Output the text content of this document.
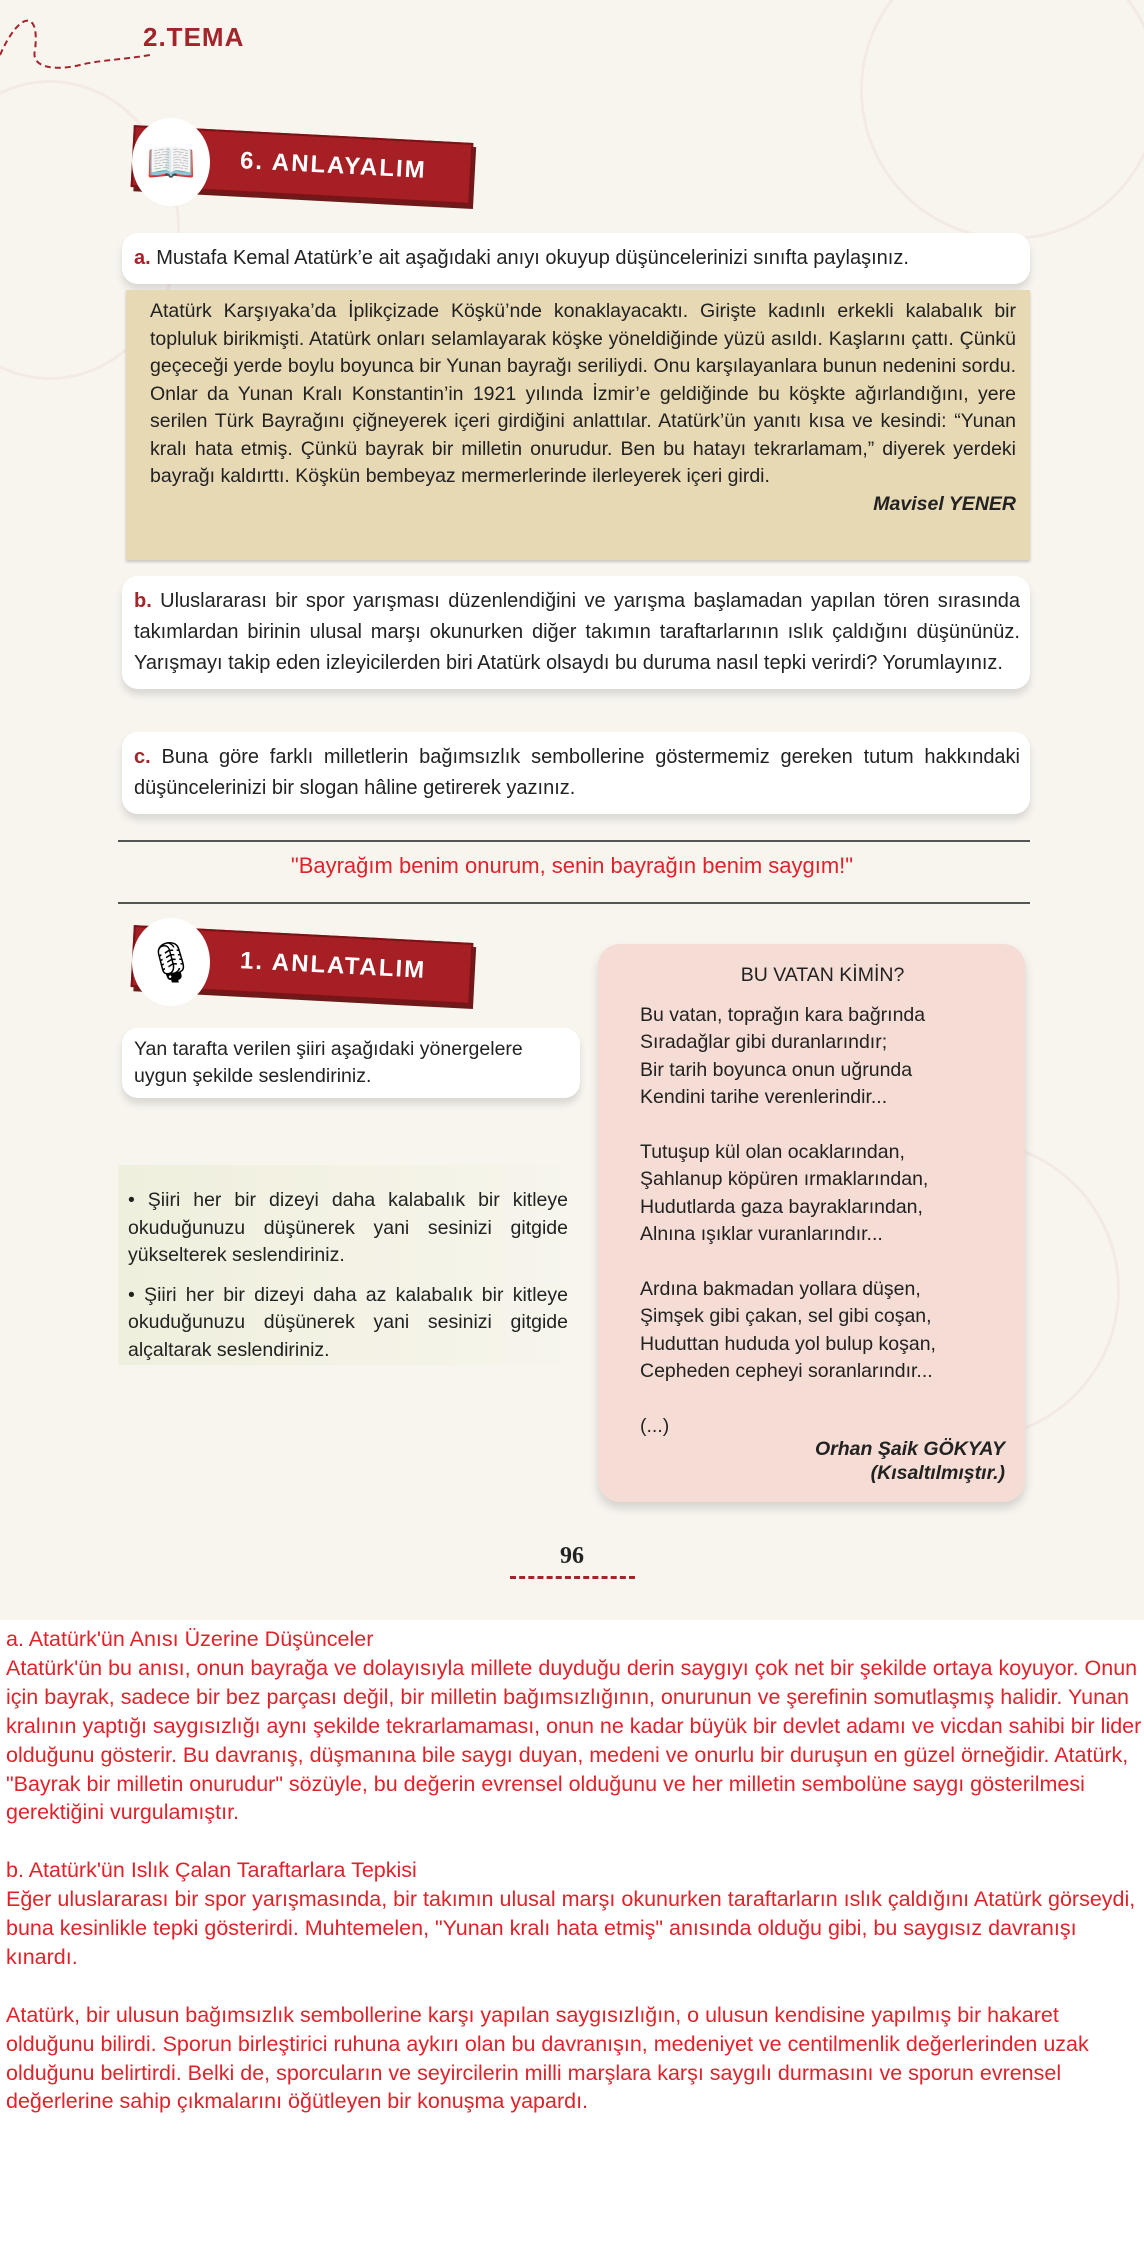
2.TEMA
📖	6. ANLAYALIM
a. Mustafa Kemal Atatürk’e ait aşağıdaki anıyı okuyup düşüncelerinizi sınıfta paylaşınız.

Atatürk Karşıyaka’da İplikçizade Köşkü’nde konaklayacaktı. Girişte kadınlı erkekli kalabalık bir topluluk birikmişti. Atatürk onları selamlayarak köşke yöneldiğinde yüzü asıldı. Kaşlarını çattı. Çünkü geçeceği yerde boylu boyunca bir Yunan bayrağı seriliydi. Onu karşılayanlara bunun nedenini sordu. Onlar da Yunan Kralı Konstantin’in 1921 yılında İzmir’e geldiğinde bu köşkte ağırlandığını, yere serilen Türk Bayrağını çiğneyerek içeri girdiğini anlattılar. Atatürk’ün yanıtı kısa ve kesindi: “Yunan kralı hata etmiş. Çünkü bayrak bir milletin onurudur. Ben bu hatayı tekrarlamam,” diyerek yerdeki bayrağı kaldırttı. Köşkün bembeyaz mermerlerinde ilerleyerek içeri girdi.

Mavisel YENER

b. Uluslararası bir spor yarışması düzenlendiğini ve yarışma başlamadan yapılan tören sırasında takımlardan birinin ulusal marşı okunurken diğer takımın taraftarlarının ıslık çaldığını düşününüz. Yarışmayı takip eden izleyicilerden biri Atatürk olsaydı bu duruma nasıl tepki verirdi? Yorumlayınız.
c. Buna göre farklı milletlerin bağımsızlık sembollerine göstermemiz gereken tutum hakkındaki düşüncelerinizi bir slogan hâline getirerek yazınız.
"Bayrağım benim onurum, senin bayrağın benim saygım!"
🎙	1. ANLATALIM
Yan tarafta verilen şiiri aşağıdaki yönergelere uygun şekilde seslendiriniz.

• Şiiri her bir dizeyi daha kalabalık bir kitleye okuduğunuzu düşünerek yani sesinizi gitgide yükselterek seslendiriniz.

• Şiiri her bir dizeyi daha az kalabalık bir kitleye okuduğunuzu düşünerek yani sesinizi gitgide alçaltarak seslendiriniz.

BU VATAN KİMİN?
Bu vatan, toprağın kara bağrında
Sıradağlar gibi duranlarındır;
Bir tarih boyunca onun uğrunda
Kendini tarihe verenlerindir...
Tutuşup kül olan ocaklarından,
Şahlanup köpüren ırmaklarından,
Hudutlarda gaza bayraklarından,
Alnına ışıklar vuranlarındır...
Ardına bakmadan yollara düşen,
Şimşek gibi çakan, sel gibi coşan,
Huduttan hududa yol bulup koşan,
Cepheden cepheyi soranlarındır...
(...)
Orhan Şaik GÖKYAY
(Kısaltılmıştır.)
96

a. Atatürk'ün Anısı Üzerine Düşünceler
Atatürk'ün bu anısı, onun bayrağa ve dolayısıyla millete duyduğu derin saygıyı çok net bir şekilde ortaya koyuyor. Onun için bayrak, sadece bir bez parçası değil, bir milletin bağımsızlığının, onurunun ve şerefinin somutlaşmış halidir. Yunan kralının yaptığı saygısızlığı aynı şekilde tekrarlamaması, onun ne kadar büyük bir devlet adamı ve vicdan sahibi bir lider olduğunu gösterir. Bu davranış, düşmanına bile saygı duyan, medeni ve onurlu bir duruşun en güzel örneğidir. Atatürk, "Bayrak bir milletin onurudur" sözüyle, bu değerin evrensel olduğunu ve her milletin sembolüne saygı gösterilmesi gerektiğini vurgulamıştır.

b. Atatürk'ün Islık Çalan Taraftarlara Tepkisi
Eğer uluslararası bir spor yarışmasında, bir takımın ulusal marşı okunurken taraftarların ıslık çaldığını Atatürk görseydi, buna kesinlikle tepki gösterirdi. Muhtemelen, "Yunan kralı hata etmiş" anısında olduğu gibi, bu saygısız davranışı kınardı.

Atatürk, bir ulusun bağımsızlık sembollerine karşı yapılan saygısızlığın, o ulusun kendisine yapılmış bir hakaret olduğunu bilirdi. Sporun birleştirici ruhuna aykırı olan bu davranışın, medeniyet ve centilmenlik değerlerinden uzak olduğunu belirtirdi. Belki de, sporcuların ve seyircilerin milli marşlara karşı saygılı durmasını ve sporun evrensel değerlerine sahip çıkmalarını öğütleyen bir konuşma yapardı.
